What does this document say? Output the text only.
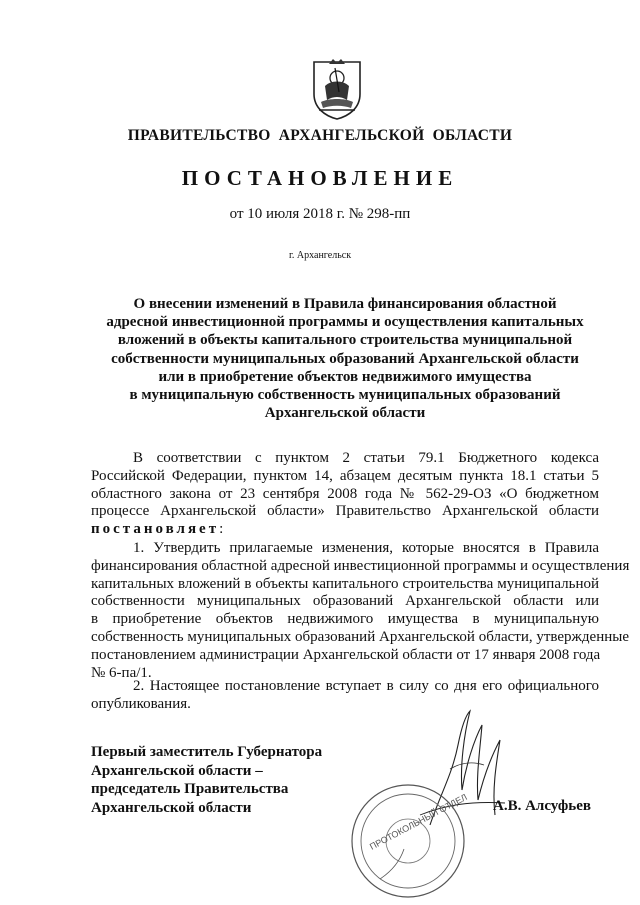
ПРАВИТЕЛЬСТВО АРХАНГЕЛЬСКОЙ ОБЛАСТИ
ПОСТАНОВЛЕНИЕ
от 10 июля 2018 г. № 298-пп
г. Архангельск
О внесении изменений в Правила финансирования областной
адресной инвестиционной программы и осуществления капитальных
вложений в объекты капитального строительства муниципальной
собственности муниципальных образований Архангельской области
или в приобретение объектов недвижимого имущества
в муниципальную собственность муниципальных образований
Архангельской области
В соответствии с пунктом 2 статьи 79.1 Бюджетного кодекса
Российской Федерации, пунктом 14, абзацем десятым пункта 18.1 статьи 5
областного закона от 23 сентября 2008 года № 562-29-ОЗ «О бюджетном
процессе Архангельской области» Правительство Архангельской области
постановляет:
1. Утвердить прилагаемые изменения, которые вносятся в Правила
финансирования областной адресной инвестиционной программы и осуществления
капитальных вложений в объекты капитального строительства муниципальной
собственности муниципальных образований Архангельской области или
в приобретение объектов недвижимого имущества в муниципальную
собственность муниципальных образований Архангельской области, утвержденные
постановлением администрации Архангельской области от 17 января 2008 года
№ 6-па/1.
2. Настоящее постановление вступает в силу со дня его официального
опубликования.
Первый заместитель Губернатора
Архангельской области –
председатель Правительства
Архангельской области	ПРОТОКОЛЬНЫЙ ОТДЕЛ А.В. Алсуфьев
